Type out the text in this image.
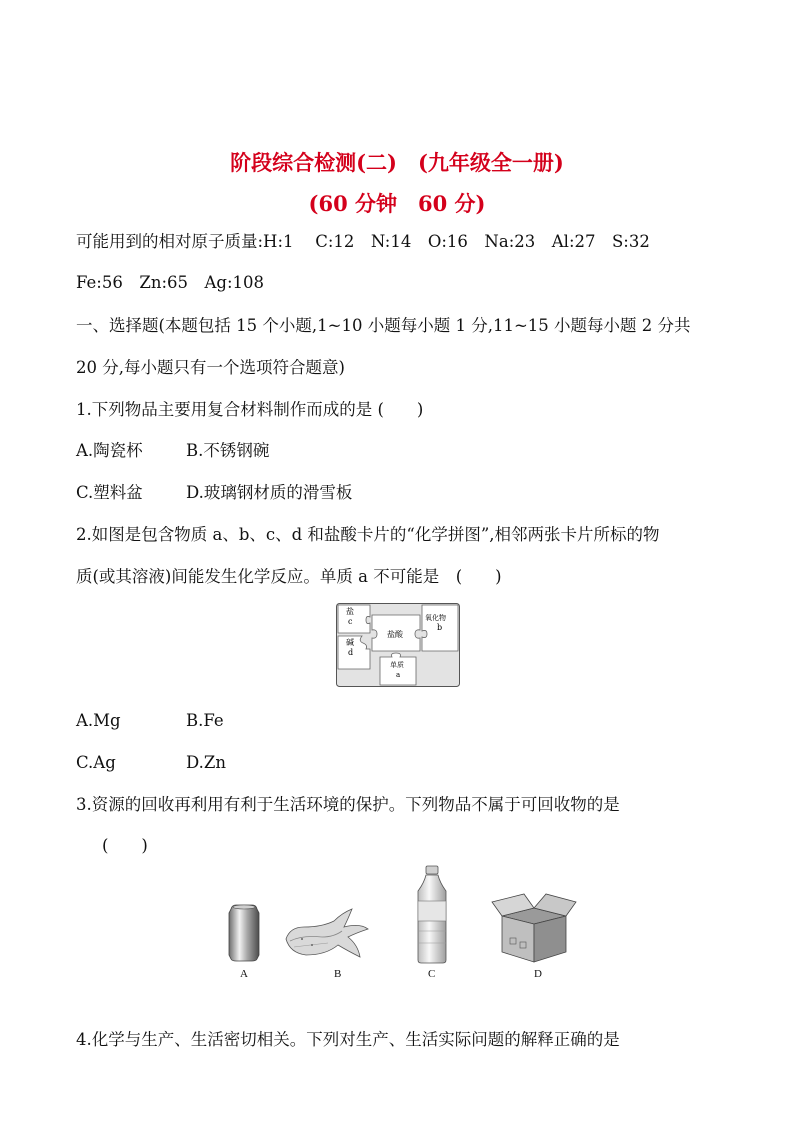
阶段综合检测(二)　(九年级全一册)
(60 分钟　60 分)
可能用到的相对原子质量:H:1　 C:12　N:14　O:16　Na:23　Al:27　S:32
Fe:56　Zn:65　Ag:108
一、选择题(本题包括 15 个小题,1~10 小题每小题 1 分,11~15 小题每小题 2 分共
20 分,每小题只有一个选项符合题意)
1.下列物品主要用复合材料制作而成的是 (　　)
A.陶瓷杯	B.不锈钢碗
C.塑料盆	D.玻璃钢材质的滑雪板
2.如图是包含物质 a、b、c、d 和盐酸卡片的“化学拼图”,相邻两张卡片所标的物
质(或其溶液)间能发生化学反应。单质 a 不可能是　(　　)
盐
c	氧化物
b
碱
d
盐酸
单质
a
A.Mg	B.Fe
C.Ag	D.Zn
3.资源的回收再利用有利于生活环境的保护。下列物品不属于可回收物的是
(　　)
A	B	C	D
4.化学与生产、生活密切相关。下列对生产、生活实际问题的解释正确的是
